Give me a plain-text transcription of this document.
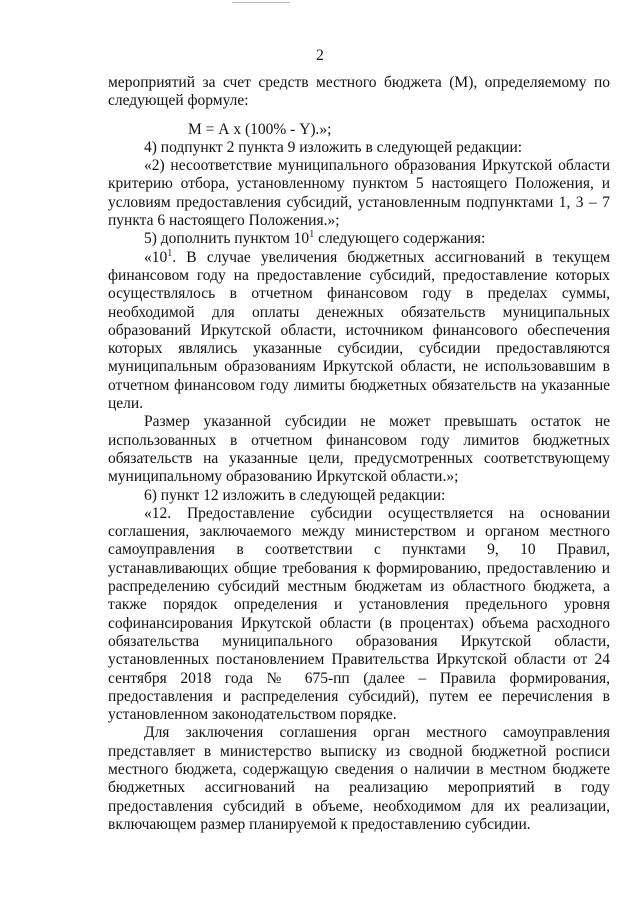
2

мероприятий за счет средств местного бюджета (М), определяемому по следующей формуле:

М = А х (100% - Y).»;

4) подпункт 2 пункта 9 изложить в следующей редакции:

«2) несоответствие муниципального образования Иркутской области критерию отбора, установленному пунктом 5 настоящего Положения, и условиям предоставления субсидий, установленным подпунктами 1, 3 – 7 пункта 6 настоящего Положения.»;

5) дополнить пунктом $10^1$ следующего содержания:

«$10^1$. В случае увеличения бюджетных ассигнований в текущем финансовом году на предоставление субсидий, предоставление которых осуществлялось в отчетном финансовом году в пределах суммы, необходимой для оплаты денежных обязательств муниципальных образований Иркутской области, источником финансового обеспечения которых являлись указанные субсидии, субсидии предоставляются муниципальным образованиям Иркутской области, не использовавшим в отчетном финансовом году лимиты бюджетных обязательств на указанные цели.

Размер указанной субсидии не может превышать остаток не использованных в отчетном финансовом году лимитов бюджетных обязательств на указанные цели, предусмотренных соответствующему муниципальному образованию Иркутской области.»;

6) пункт 12 изложить в следующей редакции:

«12. Предоставление субсидии осуществляется на основании соглашения, заключаемого между министерством и органом местного самоуправления в соответствии с пунктами 9, 10 Правил, устанавливающих общие требования к формированию, предоставлению и распределению субсидий местным бюджетам из областного бюджета, а также порядок определения и установления предельного уровня софинансирования Иркутской области (в процентах) объема расходного обязательства муниципального образования Иркутской области, установленных постановлением Правительства Иркутской области от 24 сентября 2018 года № 675-пп (далее – Правила формирования, предоставления и распределения субсидий), путем ее перечисления в установленном законодательством порядке.

Для заключения соглашения орган местного самоуправления представляет в министерство выписку из сводной бюджетной росписи местного бюджета, содержащую сведения о наличии в местном бюджете бюджетных ассигнований на реализацию мероприятий в году предоставления субсидий в объеме, необходимом для их реализации, включающем размер планируемой к предоставлению субсидии.
